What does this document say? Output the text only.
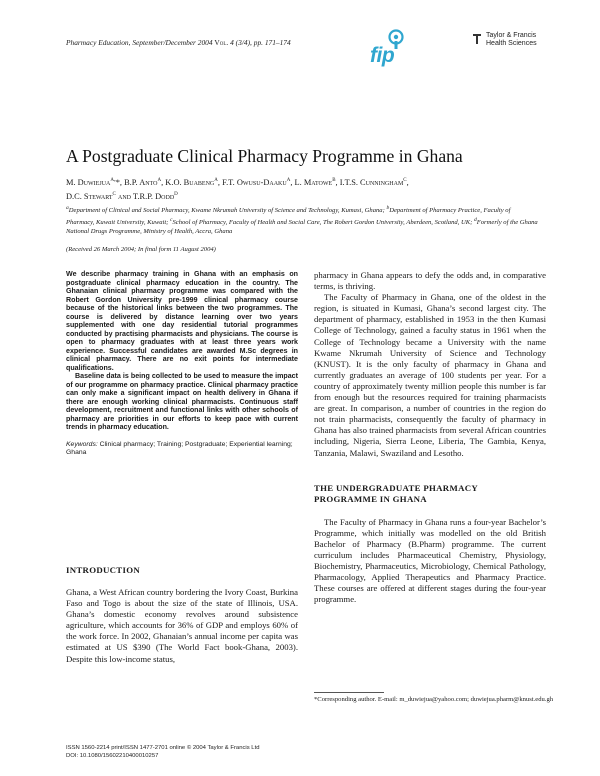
Pharmacy Education, September/December 2004 Vol. 4 (3/4), pp. 171–174
fip
Taylor & Francis
Health Sciences
A Postgraduate Clinical Pharmacy Programme in Ghana
M. Duwiejua$^{a,}$*, B.P. Anto$^a$, K.O. Buabeng$^a$, F.T. Owusu-Daaku$^a$, L. Matowe$^b$, I.T.S. Cunningham$^c$,
D.C. Stewart$^c$ and T.R.P. Dodd$^d$
$^a$Department of Clinical and Social Pharmacy, Kwame Nkrumah University of Science and Technology, Kumasi, Ghana; $^b$Department of Pharmacy Practice, Faculty of Pharmacy, Kuwait University, Kuwait; $^c$School of Pharmacy, Faculty of Health and Social Care, The Robert Gordon University, Aberdeen, Scotland, UK; $^d$Formerly of the Ghana National Drugs Programme, Ministry of Health, Accra, Ghana
(Received 26 March 2004; In final form 11 August 2004)

We describe pharmacy training in Ghana with an emphasis on postgraduate clinical pharmacy education in the country. The Ghanaian clinical pharmacy programme was compared with the Robert Gordon University pre-1999 clinical pharmacy course because of the historical links between the two programmes. The course is delivered by distance learning over two years supplemented with one day residential tutorial programmes conducted by practising pharmacists and physicians. The course is open to pharmacy graduates with at least three years work experience. Successful candidates are awarded M.Sc degrees in clinical pharmacy. There are no exit points for intermediate qualifications.

Baseline data is being collected to be used to measure the impact of our programme on pharmacy practice. Clinical pharmacy practice can only make a significant impact on health delivery in Ghana if there are enough working clinical pharmacists. Continuous staff development, recruitment and functional links with other schools of pharmacy are priorities in our efforts to keep pace with current trends in pharmacy education.

Keywords: Clinical pharmacy; Training; Postgraduate; Experiential learning; Ghana
INTRODUCTION

Ghana, a West African country bordering the Ivory Coast, Burkina Faso and Togo is about the size of the state of Illinois, USA. Ghana’s domestic economy revolves around subsistence agriculture, which accounts for 36% of GDP and employs 60% of the work force. In 2002, Ghanaian’s annual income per capita was estimated at US $390 (The World Fact book-Ghana, 2003). Despite this low-income status,

pharmacy in Ghana appears to defy the odds and, in comparative terms, is thriving.

The Faculty of Pharmacy in Ghana, one of the oldest in the region, is situated in Kumasi, Ghana’s second largest city. The department of pharmacy, established in 1953 in the then Kumasi College of Technology, gained a faculty status in 1961 when the College of Technology became a University with the name Kwame Nkrumah University of Science and Technology (KNUST). It is the only faculty of pharmacy in Ghana and currently graduates an average of 100 students per year. For a country of approximately twenty million people this number is far from enough but the resources required for training pharmacists are great. In comparison, a number of countries in the region do not train pharmacists, consequently the faculty of pharmacy in Ghana has also trained pharmacists from several African countries including, Nigeria, Sierra Leone, Liberia, The Gambia, Kenya, Tanzania, Malawi, Swaziland and Lesotho.

THE UNDERGRADUATE PHARMACY
PROGRAMME IN GHANA

The Faculty of Pharmacy in Ghana runs a four-year Bachelor’s Programme, which initially was modelled on the old British Bachelor of Pharmacy (B.Pharm) programme. The current curriculum includes Pharmaceutical Chemistry, Physiology, Biochemistry, Pharmaceutics, Microbiology, Chemical Pathology, Pharmacology, Applied Therapeutics and Pharmacy Practice. These courses are offered at different stages during the four-year programme.

*Corresponding author. E-mail: m_duwiejua@yahoo.com; duwiejua.pharm@knust.edu.gh
ISSN 1560-2214 print/ISSN 1477-2701 online © 2004 Taylor & Francis Ltd
DOI: 10.1080/15602210400010257
